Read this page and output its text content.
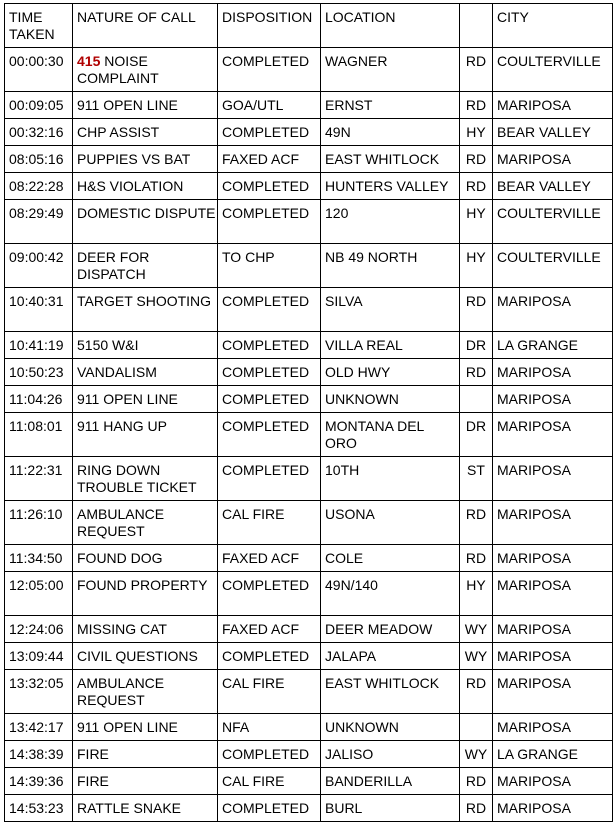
TIME TAKEN	NATURE OF CALL	DISPOSITION	LOCATION		CITY
00:00:30	415 NOISE COMPLAINT	COMPLETED	WAGNER	RD	COULTERVILLE
00:09:05	911 OPEN LINE	GOA/UTL	ERNST	RD	MARIPOSA
00:32:16	CHP ASSIST	COMPLETED	49N	HY	BEAR VALLEY
08:05:16	PUPPIES VS BAT	FAXED ACF	EAST WHITLOCK	RD	MARIPOSA
08:22:28	H&S VIOLATION	COMPLETED	HUNTERS VALLEY	RD	BEAR VALLEY
08:29:49	DOMESTIC DISPUTE	COMPLETED	120	HY	COULTERVILLE
09:00:42	DEER FOR DISPATCH	TO CHP	NB 49 NORTH	HY	COULTERVILLE
10:40:31	TARGET SHOOTING	COMPLETED	SILVA	RD	MARIPOSA
10:41:19	5150 W&I	COMPLETED	VILLA REAL	DR	LA GRANGE
10:50:23	VANDALISM	COMPLETED	OLD HWY	RD	MARIPOSA
11:04:26	911 OPEN LINE	COMPLETED	UNKNOWN		MARIPOSA
11:08:01	911 HANG UP	COMPLETED	MONTANA DEL ORO	DR	MARIPOSA
11:22:31	RING DOWN TROUBLE TICKET	COMPLETED	10TH	ST	MARIPOSA
11:26:10	AMBULANCE REQUEST	CAL FIRE	USONA	RD	MARIPOSA
11:34:50	FOUND DOG	FAXED ACF	COLE	RD	MARIPOSA
12:05:00	FOUND PROPERTY	COMPLETED	49N/140	HY	MARIPOSA
12:24:06	MISSING CAT	FAXED ACF	DEER MEADOW	WY	MARIPOSA
13:09:44	CIVIL QUESTIONS	COMPLETED	JALAPA	WY	MARIPOSA
13:32:05	AMBULANCE REQUEST	CAL FIRE	EAST WHITLOCK	RD	MARIPOSA
13:42:17	911 OPEN LINE	NFA	UNKNOWN		MARIPOSA
14:38:39	FIRE	COMPLETED	JALISO	WY	LA GRANGE
14:39:36	FIRE	CAL FIRE	BANDERILLA	RD	MARIPOSA
14:53:23	RATTLE SNAKE	COMPLETED	BURL	RD	MARIPOSA
